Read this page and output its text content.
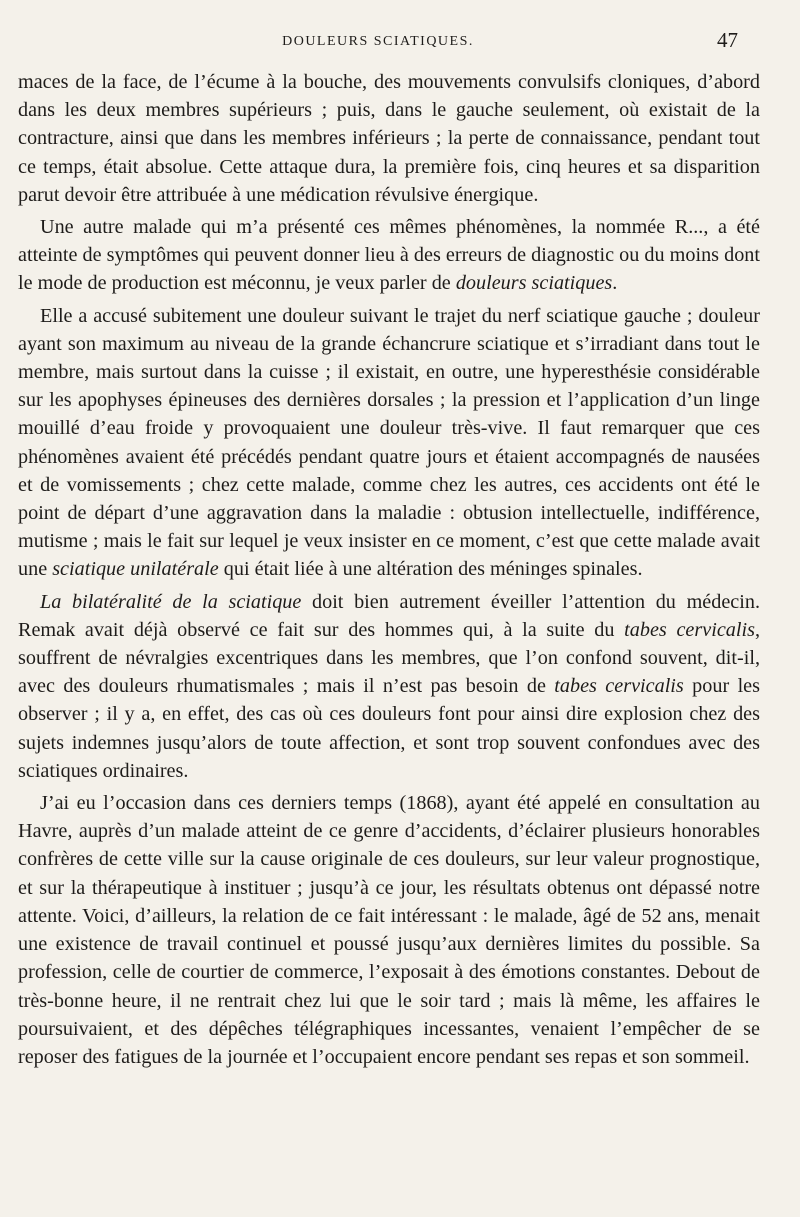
DOULEURS SCIATIQUES.	47

maces de la face, de l’écume à la bouche, des mouvements convulsifs cloniques, d’abord dans les deux membres supérieurs ; puis, dans le gauche seulement, où existait de la contracture, ainsi que dans les membres inférieurs ; la perte de connaissance, pendant tout ce temps, était absolue. Cette attaque dura, la première fois, cinq heures et sa disparition parut devoir être attribuée à une médication révulsive énergique.

Une autre malade qui m’a présenté ces mêmes phénomènes, la nommée R..., a été atteinte de symptômes qui peuvent donner lieu à des erreurs de diagnostic ou du moins dont le mode de production est méconnu, je veux parler de douleurs sciatiques.

Elle a accusé subitement une douleur suivant le trajet du nerf sciatique gauche ; douleur ayant son maximum au niveau de la grande échancrure sciatique et s’irradiant dans tout le membre, mais surtout dans la cuisse ; il existait, en outre, une hyperesthésie considérable sur les apophyses épineuses des dernières dorsales ; la pression et l’application d’un linge mouillé d’eau froide y provoquaient une douleur très-vive. Il faut remarquer que ces phénomènes avaient été précédés pendant quatre jours et étaient accompagnés de nausées et de vomissements ; chez cette malade, comme chez les autres, ces accidents ont été le point de départ d’une aggravation dans la maladie : obtusion intellectuelle, indifférence, mutisme ; mais le fait sur lequel je veux insister en ce moment, c’est que cette malade avait une sciatique unilatérale qui était liée à une altération des méninges spinales.

La bilatéralité de la sciatique doit bien autrement éveiller l’attention du médecin. Remak avait déjà observé ce fait sur des hommes qui, à la suite du tabes cervicalis, souffrent de névralgies excentriques dans les membres, que l’on confond souvent, dit-il, avec des douleurs rhumatismales ; mais il n’est pas besoin de tabes cervicalis pour les observer ; il y a, en effet, des cas où ces douleurs font pour ainsi dire explosion chez des sujets indemnes jusqu’alors de toute affection, et sont trop souvent confondues avec des sciatiques ordinaires.

J’ai eu l’occasion dans ces derniers temps (1868), ayant été appelé en consultation au Havre, auprès d’un malade atteint de ce genre d’accidents, d’éclairer plusieurs honorables confrères de cette ville sur la cause originale de ces douleurs, sur leur valeur prognostique, et sur la thérapeutique à instituer ; jusqu’à ce jour, les résultats obtenus ont dépassé notre attente. Voici, d’ailleurs, la relation de ce fait intéressant : le malade, âgé de 52 ans, menait une existence de travail continuel et poussé jusqu’aux dernières limites du possible. Sa profession, celle de courtier de commerce, l’exposait à des émotions constantes. Debout de très-bonne heure, il ne rentrait chez lui que le soir tard ; mais là même, les affaires le poursuivaient, et des dépêches télégraphiques incessantes, venaient l’empêcher de se reposer des fatigues de la journée et l’occupaient encore pendant ses repas et son sommeil.
